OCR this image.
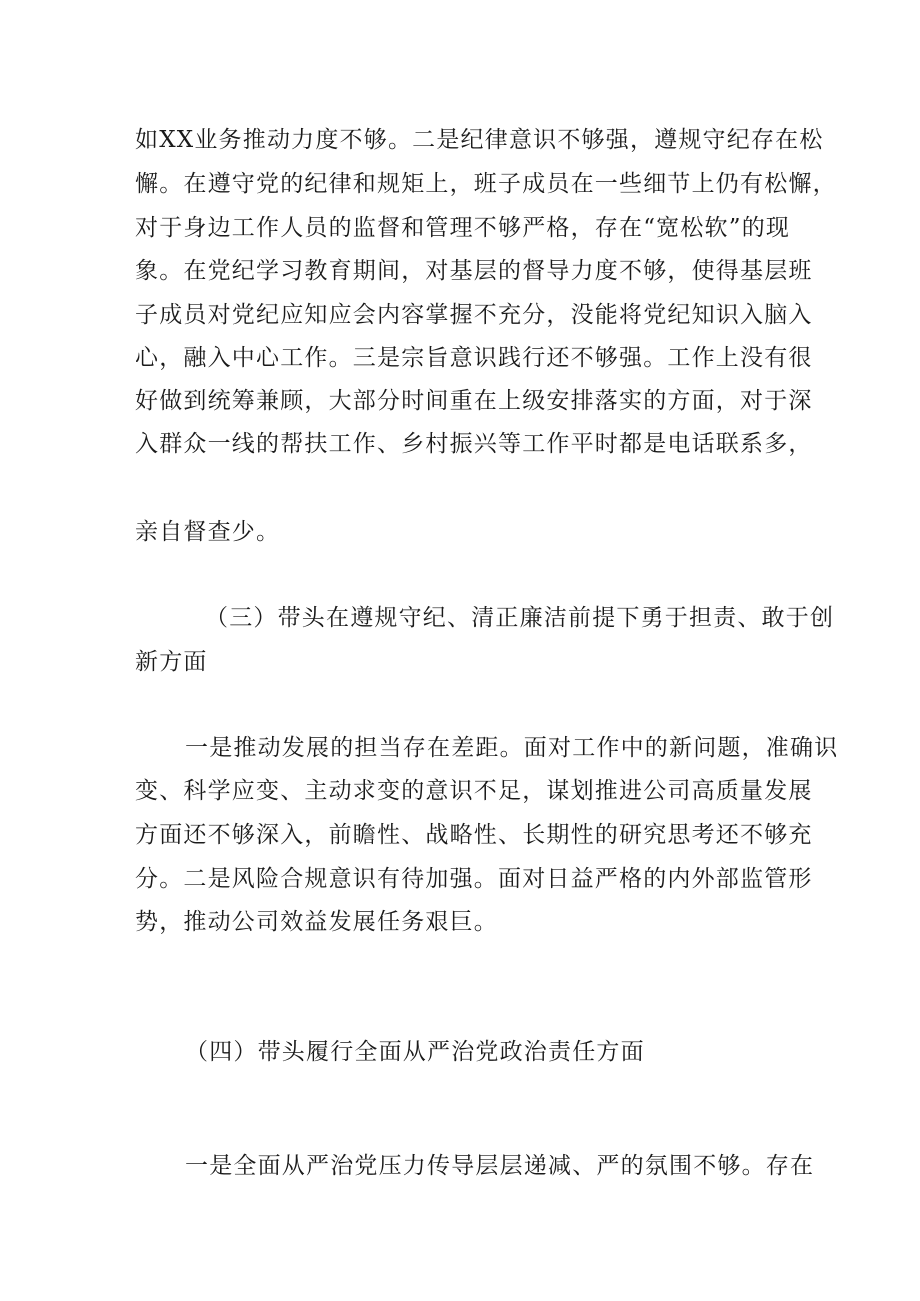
如XX业务推动力度不够。二是纪律意识不够强，遵规守纪存在松
懈。在遵守党的纪律和规矩上，班子成员在一些细节上仍有松懈，
对于身边工作人员的监督和管理不够严格，存在“宽松软”的现
象。在党纪学习教育期间，对基层的督导力度不够，使得基层班
子成员对党纪应知应会内容掌握不充分，没能将党纪知识入脑入
心，融入中心工作。三是宗旨意识践行还不够强。工作上没有很
好做到统筹兼顾，大部分时间重在上级安排落实的方面，对于深
入群众一线的帮扶工作、乡村振兴等工作平时都是电话联系多，
亲自督查少。
（三）带头在遵规守纪、清正廉洁前提下勇于担责、敢于创
新方面
一是推动发展的担当存在差距。面对工作中的新问题，准确识
变、科学应变、主动求变的意识不足，谋划推进公司高质量发展
方面还不够深入，前瞻性、战略性、长期性的研究思考还不够充
分。二是风险合规意识有待加强。面对日益严格的内外部监管形
势，推动公司效益发展任务艰巨。
（四）带头履行全面从严治党政治责任方面
一是全面从严治党压力传导层层递减、严的氛围不够。存在
